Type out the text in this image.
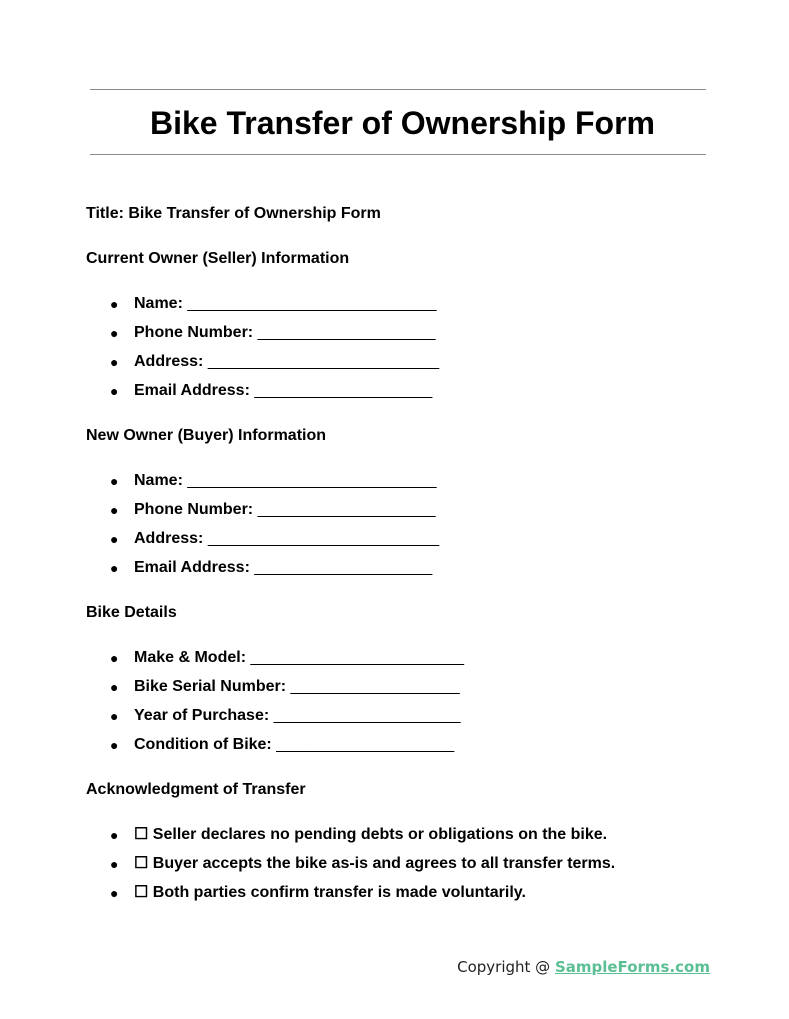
Bike Transfer of Ownership Form

Title: Bike Transfer of Ownership Form

Current Owner (Seller) Information

● Name: ____________________________
● Phone Number: ____________________
● Address: __________________________
● Email Address: ____________________

New Owner (Buyer) Information

● Name: ____________________________
● Phone Number: ____________________
● Address: __________________________
● Email Address: ____________________

Bike Details

● Make & Model: ________________________
● Bike Serial Number: ___________________
● Year of Purchase: _____________________
● Condition of Bike: ____________________

Acknowledgment of Transfer

● ☐ Seller declares no pending debts or obligations on the bike.
● ☐ Buyer accepts the bike as-is and agrees to all transfer terms.
● ☐ Both parties confirm transfer is made voluntarily.
Copyright @ SampleForms.com
